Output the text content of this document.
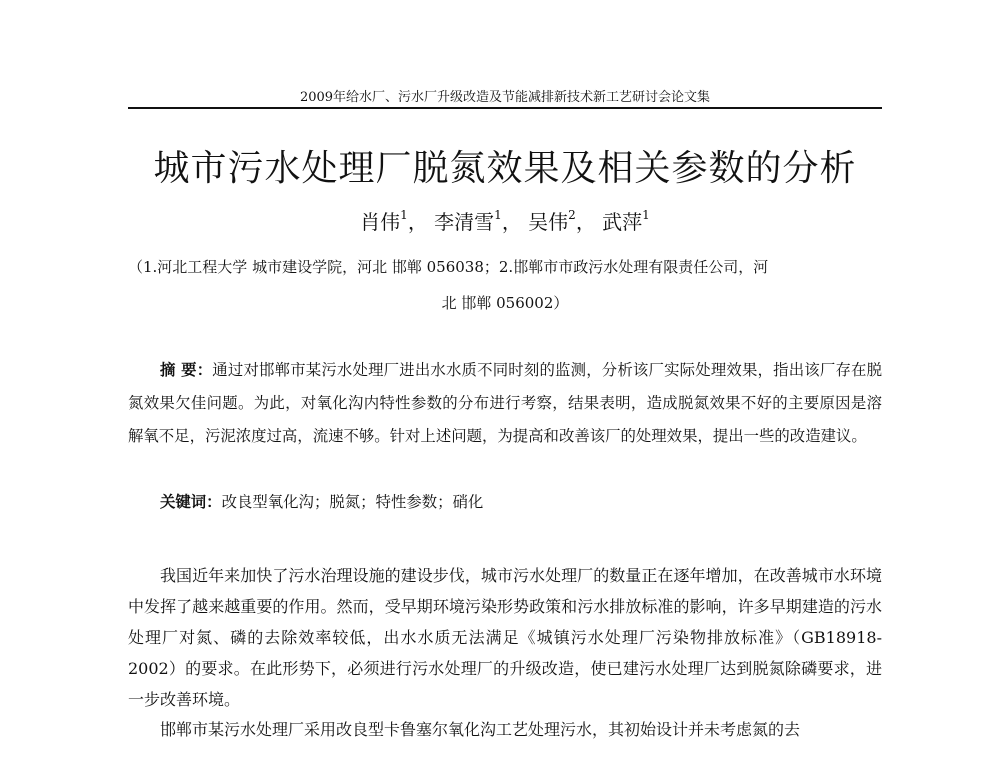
2009年给水厂、污水厂升级改造及节能减排新技术新工艺研讨会论文集
城市污水处理厂脱氮效果及相关参数的分析
肖伟$^1$， 李清雪$^1$， 吴伟$^2$， 武萍$^1$
（1.河北工程大学 城市建设学院，河北 邯郸 056038；2.邯郸市市政污水处理有限责任公司，河
北 邯郸 056002）
摘 要：通过对邯郸市某污水处理厂进出水水质不同时刻的监测，分析该厂实际处理效果，指出该厂存在脱氮效果欠佳问题。为此，对氧化沟内特性参数的分布进行考察，结果表明，造成脱氮效果不好的主要原因是溶解氧不足，污泥浓度过高，流速不够。针对上述问题，为提高和改善该厂的处理效果，提出一些的改造建议。
关键词：改良型氧化沟；脱氮；特性参数；硝化
我国近年来加快了污水治理设施的建设步伐，城市污水处理厂的数量正在逐年增加，在改善城市水环境中发挥了越来越重要的作用。然而，受早期环境污染形势政策和污水排放标准的影响，许多早期建造的污水处理厂对氮、磷的去除效率较低，出水水质无法满足《城镇污水处理厂污染物排放标准》（GB18918-2002）的要求。在此形势下，必须进行污水处理厂的升级改造，使已建污水处理厂达到脱氮除磷要求，进一步改善环境。
邯郸市某污水处理厂采用改良型卡鲁塞尔氧化沟工艺处理污水，其初始设计并未考虑氮的去
